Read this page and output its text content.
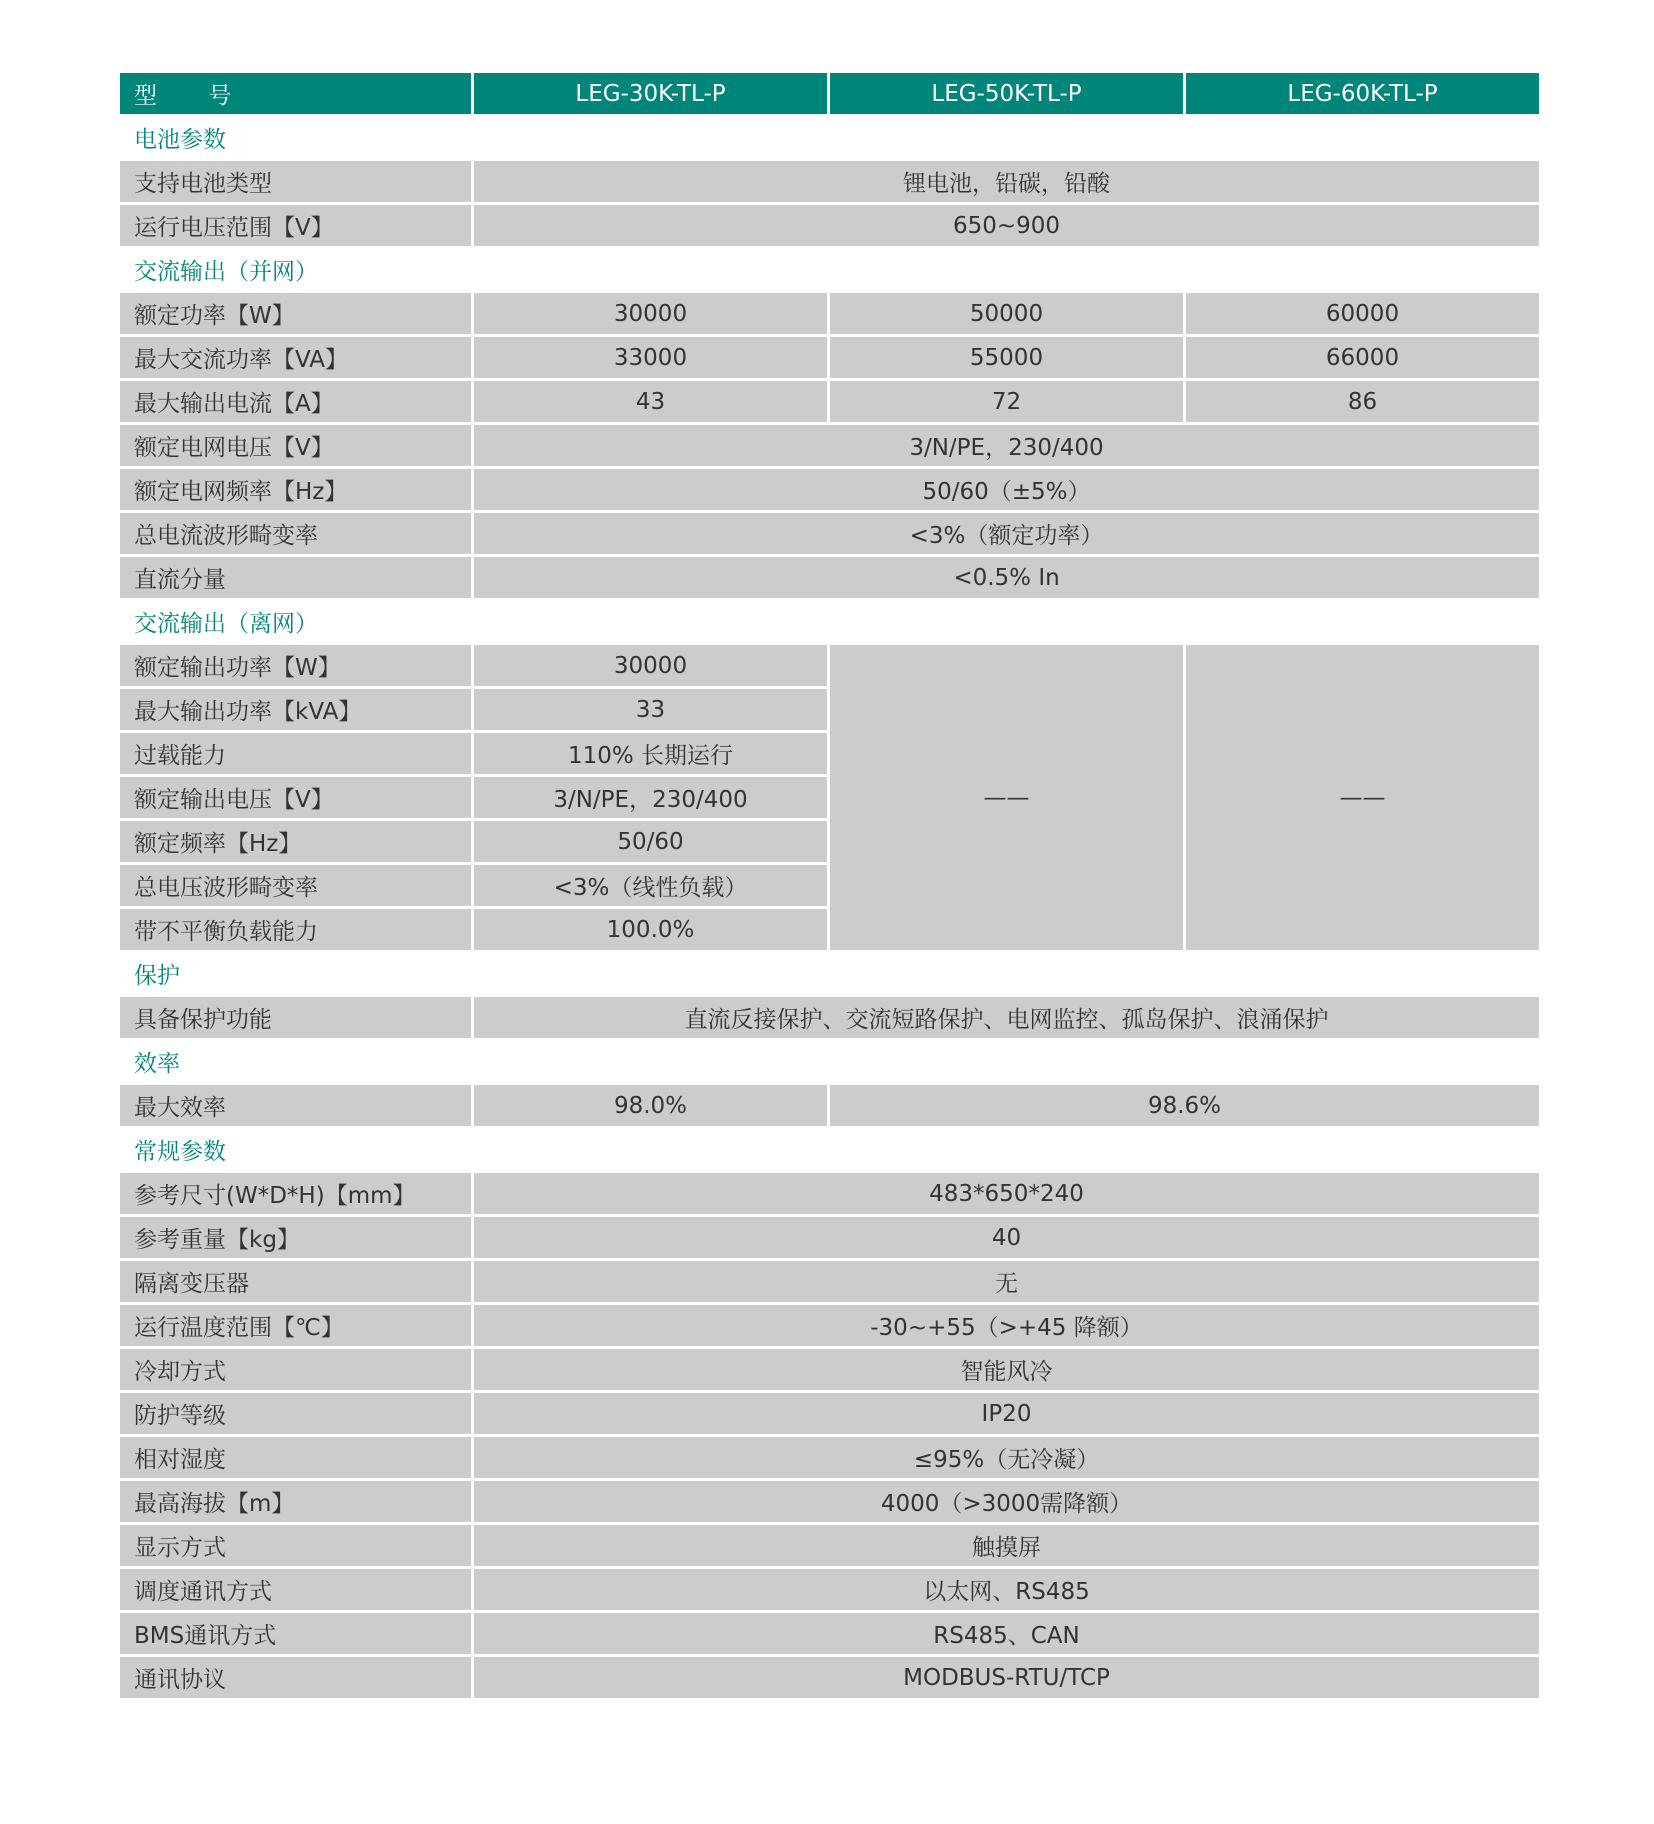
型 号	LEG-30K-TL-P	LEG-50K-TL-P	LEG-60K-TL-P
电池参数			
支持电池类型	锂电池，铅碳，铅酸		
运行电压范围【V】	650~900		
交流输出（并网）			
额定功率【W】	30000	50000	60000
最大交流功率【VA】	33000	55000	66000
最大输出电流【A】	43	72	86
额定电网电压【V】	3/N/PE，230/400		
额定电网频率【Hz】	50/60（±5%）		
总电流波形畸变率	<3%（额定功率）		
直流分量	<0.5% In		
交流输出（离网）			
额定输出功率【W】	30000	——	——
最大输出功率【kVA】	33		
过载能力	110% 长期运行		
额定输出电压【V】	3/N/PE，230/400		
额定频率【Hz】	50/60		
总电压波形畸变率	<3%（线性负载）		
带不平衡负载能力	100.0%		
保护			
具备保护功能	直流反接保护、交流短路保护、电网监控、孤岛保护、浪涌保护		
效率			
最大效率	98.0%	98.6%	
常规参数			
参考尺寸(W*D*H)【mm】	483*650*240		
参考重量【kg】	40		
隔离变压器	无		
运行温度范围【℃】	-30~+55（>+45 降额）		
冷却方式	智能风冷		
防护等级	IP20		
相对湿度	≤95%（无冷凝）		
最高海拔【m】	4000（>3000需降额）		
显示方式	触摸屏		
调度通讯方式	以太网、RS485		
BMS通讯方式	RS485、CAN		
通讯协议	MODBUS-RTU/TCP		
